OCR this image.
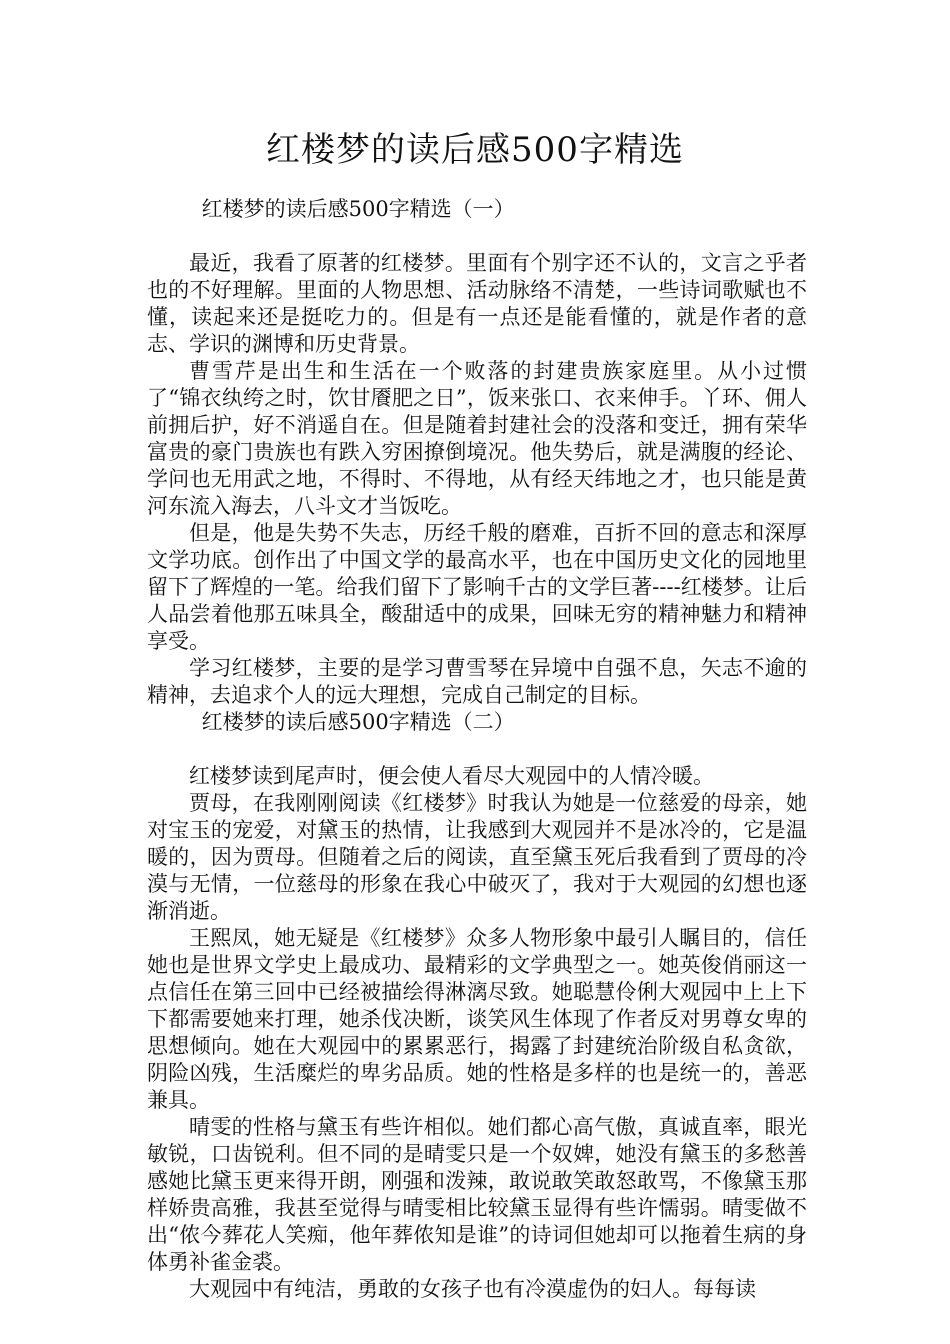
红楼梦的读后感500字精选

红楼梦的读后感500字精选（一）

最近，我看了原著的红楼梦。里面有个别字还不认的，文言之乎者也的不好理解。里面的人物思想、活动脉络不清楚，一些诗词歌赋也不懂，读起来还是挺吃力的。但是有一点还是能看懂的，就是作者的意志、学识的渊博和历史背景。

曹雪芹是出生和生活在一个败落的封建贵族家庭里。从小过惯了“锦衣纨绔之时，饮甘餍肥之日”，饭来张口、衣来伸手。丫环、佣人前拥后护，好不消遥自在。但是随着封建社会的没落和变迁，拥有荣华富贵的豪门贵族也有跌入穷困撩倒境况。他失势后，就是满腹的经论、学问也无用武之地，不得时、不得地，从有经天纬地之才，也只能是黄河东流入海去，八斗文才当饭吃。

但是，他是失势不失志，历经千般的磨难，百折不回的意志和深厚文学功底。创作出了中国文学的最高水平，也在中国历史文化的园地里留下了辉煌的一笔。给我们留下了影响千古的文学巨著----红楼梦。让后人品尝着他那五味具全，酸甜适中的成果，回味无穷的精神魅力和精神享受。

学习红楼梦，主要的是学习曹雪琴在异境中自强不息，矢志不逾的精神，去追求个人的远大理想，完成自己制定的目标。

红楼梦的读后感500字精选（二）

红楼梦读到尾声时，便会使人看尽大观园中的人情冷暖。

贾母，在我刚刚阅读《红楼梦》时我认为她是一位慈爱的母亲，她对宝玉的宠爱，对黛玉的热情，让我感到大观园并不是冰冷的，它是温暖的，因为贾母。但随着之后的阅读，直至黛玉死后我看到了贾母的冷漠与无情，一位慈母的形象在我心中破灭了，我对于大观园的幻想也逐渐消逝。

王熙凤，她无疑是《红楼梦》众多人物形象中最引人瞩目的，信任她也是世界文学史上最成功、最精彩的文学典型之一。她英俊俏丽这一点信任在第三回中已经被描绘得淋漓尽致。她聪慧伶俐大观园中上上下下都需要她来打理，她杀伐决断，谈笑风生体现了作者反对男尊女卑的思想倾向。她在大观园中的累累恶行，揭露了封建统治阶级自私贪欲，阴险凶残，生活糜烂的卑劣品质。她的性格是多样的也是统一的，善恶兼具。

晴雯的性格与黛玉有些许相似。她们都心高气傲，真诚直率，眼光敏锐，口齿锐利。但不同的是晴雯只是一个奴婢，她没有黛玉的多愁善感她比黛玉更来得开朗，刚强和泼辣，敢说敢笑敢怒敢骂，不像黛玉那样娇贵高雅，我甚至觉得与晴雯相比较黛玉显得有些许懦弱。晴雯做不出“侬今葬花人笑痴，他年葬侬知是谁”的诗词但她却可以拖着生病的身体勇补雀金裘。

大观园中有纯洁，勇敢的女孩子也有冷漠虚伪的妇人。每每读
